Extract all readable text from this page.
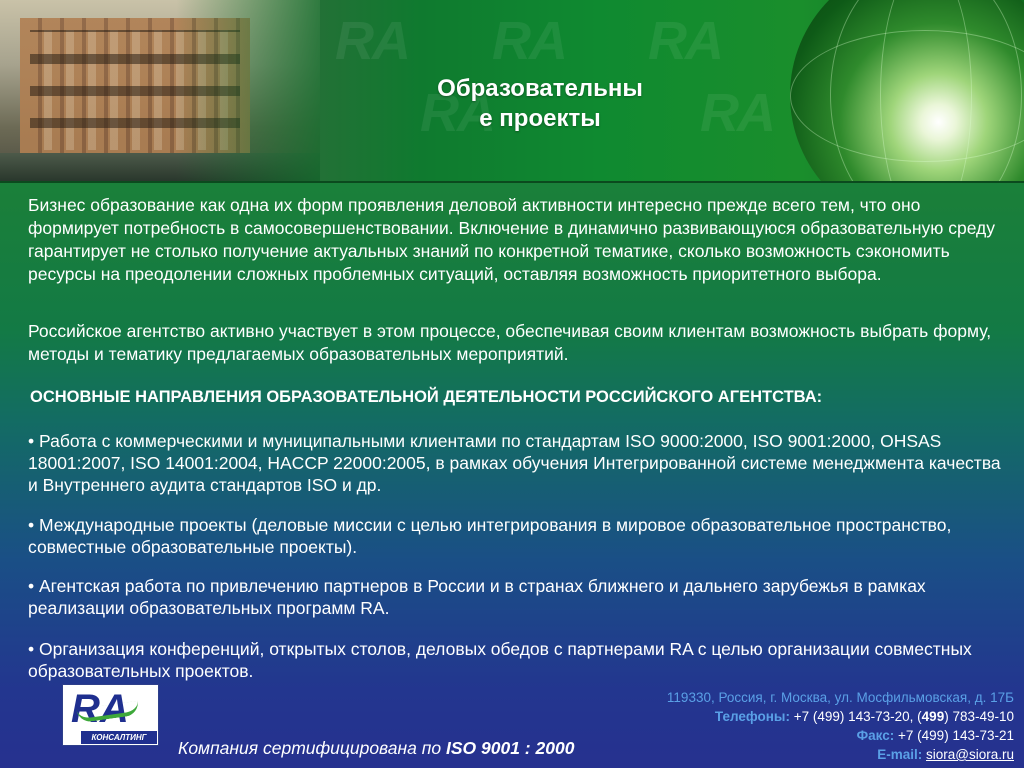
RA RA RA
RA	RA
Образовательны
е проекты
Бизнес образование как одна их форм проявления деловой активности интересно прежде всего тем, что оно формирует потребность в самосовершенствовании. Включение в динамично развивающуюся образовательную среду гарантирует не столько получение актуальных знаний по конкретной тематике, сколько возможность сэкономить ресурсы на преодолении сложных проблемных ситуаций, оставляя возможность приоритетного выбора.
Российское агентство активно участвует в этом процессе, обеспечивая своим клиентам возможность выбрать форму, методы и тематику предлагаемых образовательных мероприятий.
ОСНОВНЫЕ НАПРАВЛЕНИЯ ОБРАЗОВАТЕЛЬНОЙ ДЕЯТЕЛЬНОСТИ РОССИЙСКОГО АГЕНТСТВА:
• Работа с коммерческими и муниципальными клиентами по стандартам ISO 9000:2000, ISO 9001:2000, OHSAS 18001:2007, ISO 14001:2004, HACCP 22000:2005, в рамках обучения Интегрированной системе менеджмента качества и Внутреннего аудита стандартов ISO и др.
• Международные проекты (деловые миссии с целью интегрирования в мировое образовательное пространство, совместные образовательные проекты).
• Агентская работа по привлечению партнеров в России и в странах ближнего и дальнего зарубежья в рамках реализации образовательных программ RA.
• Организация конференций, открытых столов, деловых обедов с партнерами RA с целью организации совместных образовательных проектов.
RA
КОНСАЛТИНГ
Компания сертифицирована по ISO 9001 : 2000
119330, Россия, г. Москва, ул. Мосфильмовская, д. 17Б
Телефоны: +7 (499) 143-73-20, (499) 783-49-10
Факс: +7 (499) 143-73-21
E-mail: siora@siora.ru
